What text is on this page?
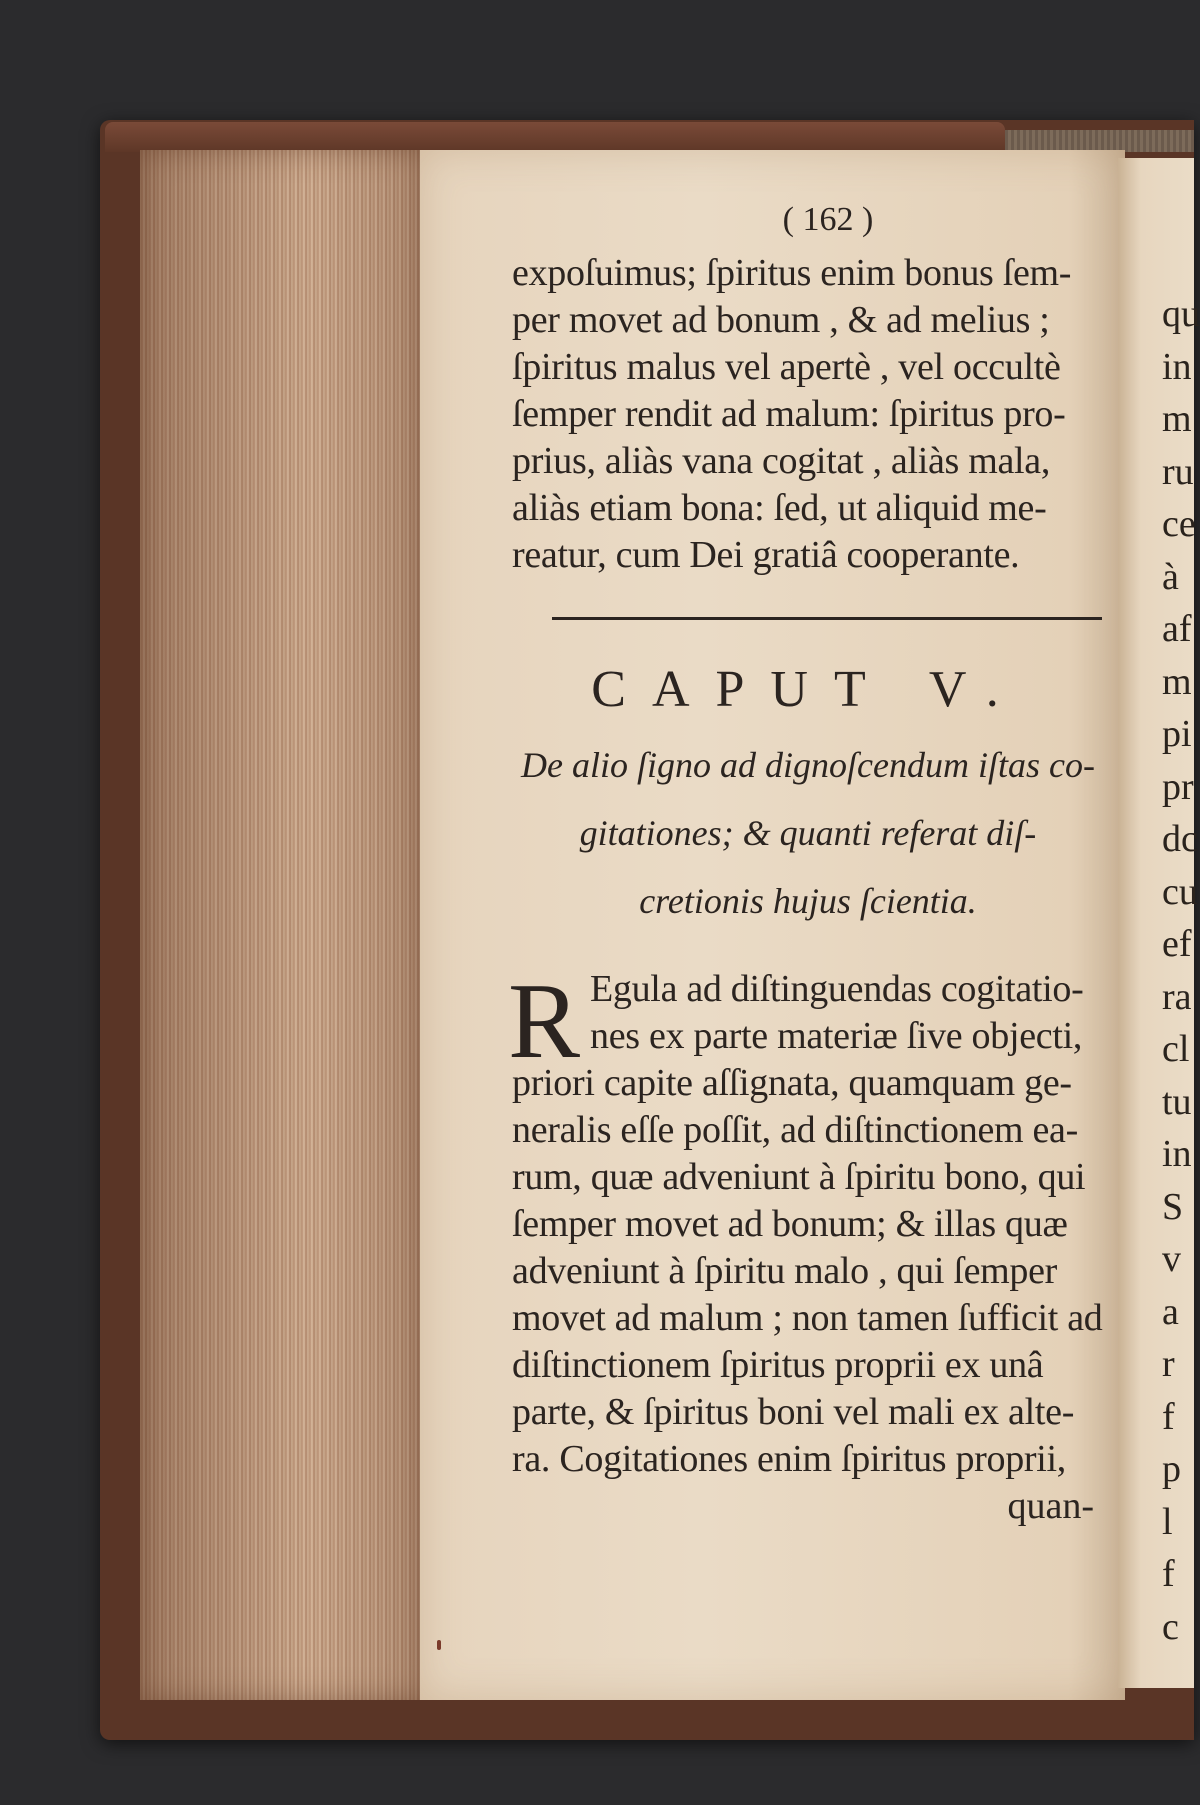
qu
in
m
ru
ce
à
af
m
pi
pr
dc
cu
ef
ra
cl
tu
in
S
v
a
r
f
p
l
f
c
( 162 )
expoſuimus; ſpiritus enim bonus ſem-
per movet ad bonum , & ad melius ;
ſpiritus malus vel apertè , vel occultè
ſemper rendit ad malum: ſpiritus pro-
prius, aliàs vana cogitat , aliàs mala,
aliàs etiam bona: ſed, ut aliquid me-
reatur, cum Dei gratiâ cooperante.
CAPUT V.
De alio ſigno ad dignoſcendum iſtas co-
gitationes; & quanti referat diſ-
cretionis hujus ſcientia.
R Egula ad diſtinguendas cogitatio-
nes ex parte materiæ ſive objecti,
priori capite aſſignata, quamquam ge-
neralis eſſe poſſit, ad diſtinctionem ea-
rum, quæ adveniunt à ſpiritu bono, qui
ſemper movet ad bonum; & illas quæ
adveniunt à ſpiritu malo , qui ſemper
movet ad malum ; non tamen ſufficit ad
diſtinctionem ſpiritus proprii ex unâ
parte, & ſpiritus boni vel mali ex alte-
ra. Cogitationes enim ſpiritus proprii,
quan-
